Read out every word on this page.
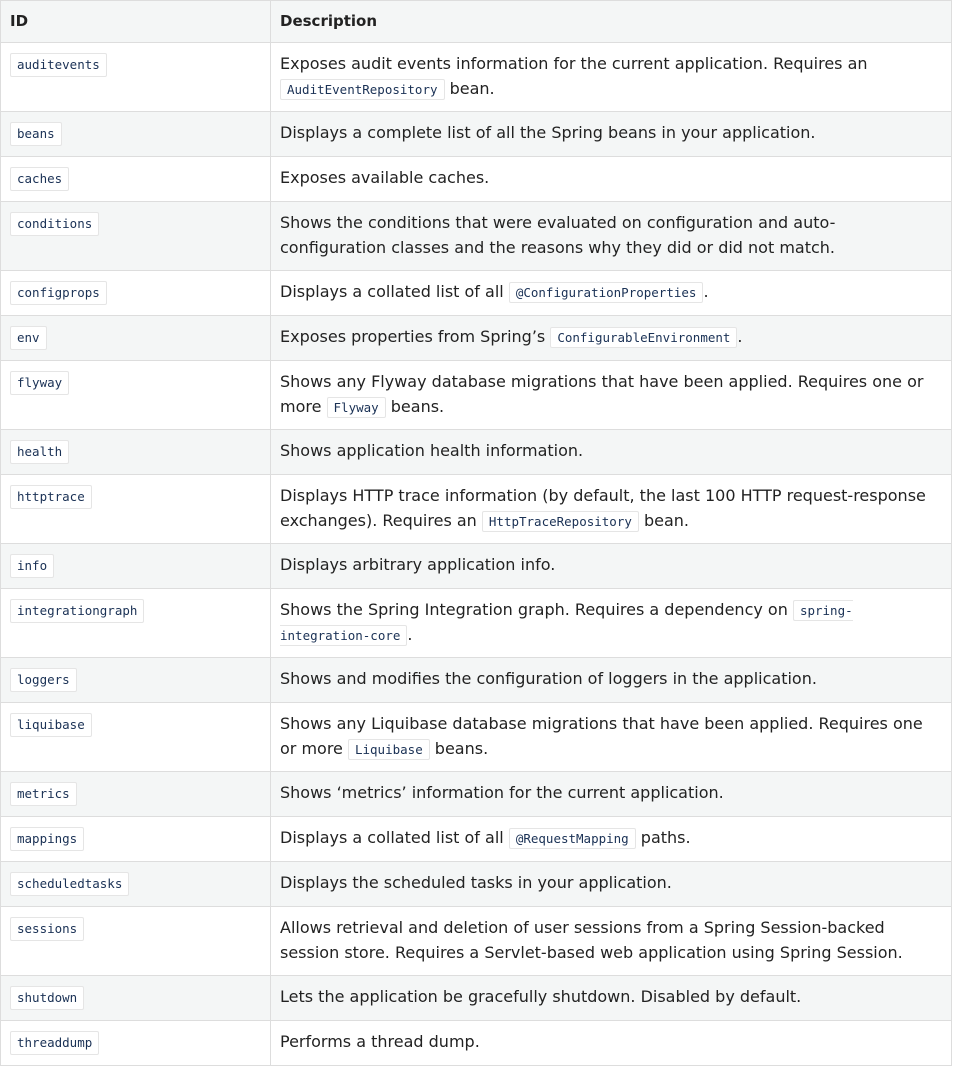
ID	Description
auditevents	Exposes audit events information for the current application. Requires an AuditEventRepository bean.
beans	Displays a complete list of all the Spring beans in your application.
caches	Exposes available caches.
conditions	Shows the conditions that were evaluated on configuration and auto-configuration classes and the reasons why they did or did not match.
configprops	Displays a collated list of all @ConfigurationProperties .
env	Exposes properties from Spring’s ConfigurableEnvironment .
flyway	Shows any Flyway database migrations that have been applied. Requires one or more Flyway beans.
health	Shows application health information.
httptrace	Displays HTTP trace information (by default, the last 100 HTTP request-response exchanges). Requires an HttpTraceRepository bean.
info	Displays arbitrary application info.
integrationgraph	Shows the Spring Integration graph. Requires a dependency on spring-integration-core .
loggers	Shows and modifies the configuration of loggers in the application.
liquibase	Shows any Liquibase database migrations that have been applied. Requires one or more Liquibase beans.
metrics	Shows ‘metrics’ information for the current application.
mappings	Displays a collated list of all @RequestMapping paths.
scheduledtasks	Displays the scheduled tasks in your application.
sessions	Allows retrieval and deletion of user sessions from a Spring Session-backed session store. Requires a Servlet-based web application using Spring Session.
shutdown	Lets the application be gracefully shutdown. Disabled by default.
threaddump	Performs a thread dump.
